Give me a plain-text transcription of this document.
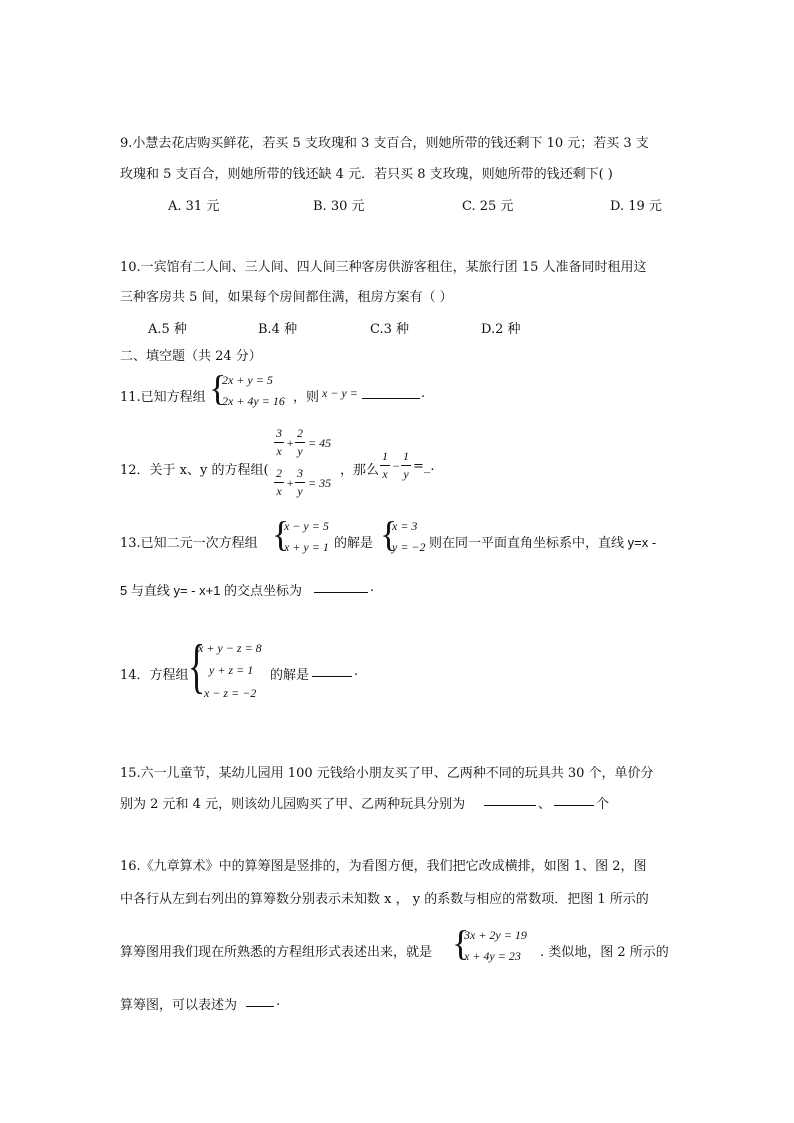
9.小慧去花店购买鲜花，若买 5 支玫瑰和 3 支百合，则她所带的钱还剩下 10 元；若买 3 支
玫瑰和 5 支百合，则她所带的钱还缺 4 元．若只买 8 支玫瑰，则她所带的钱还剩下( )
A. 31 元	B. 30 元	C. 25 元	D. 19 元
10.一宾馆有二人间、三人间、四人间三种客房供游客租住，某旅行团 15 人准备同时租用这
三种客房共 5 间，如果每个房间都住满，租房方案有（ ）
A.5 种	B.4 种	C.3 种	D.2 种
二、填空题（共 24 分）
11.已知方程组 {
2x + y = 5
2x + 4y = 16 ，则 x − y =	.
12．关于 x、y 的方程组(
3
x
+
2
y
= 45
2
x
+
3
y
= 35
，那么
1
x
−
1
y =_.
13.已知二元一次方程组 {
x − y = 5
x + y = 1 的解是 {
x = 3
y = −2 则在同一平面直角坐标系中，直线 y=x -
5 与直线 y= - x+1 的交点坐标为	.
14．方程组 {
x + y − z = 8
y + z = 1
x − z = −2
的解是	.
15.六一儿童节，某幼儿园用 100 元钱给小朋友买了甲、乙两种不同的玩具共 30 个，单价分
别为 2 元和 4 元，则该幼儿园购买了甲、乙两种玩具分别为	、	个
16.《九章算术》中的算筹图是竖排的，为看图方便，我们把它改成横排，如图 1、图 2，图
中各行从左到右列出的算筹数分别表示未知数 x ， y 的系数与相应的常数项．把图 1 所示的
算筹图用我们现在所熟悉的方程组形式表述出来，就是 {
3x + 2y = 19
x + 4y = 23 . 类似地，图 2 所示的
算筹图，可以表述为	.
